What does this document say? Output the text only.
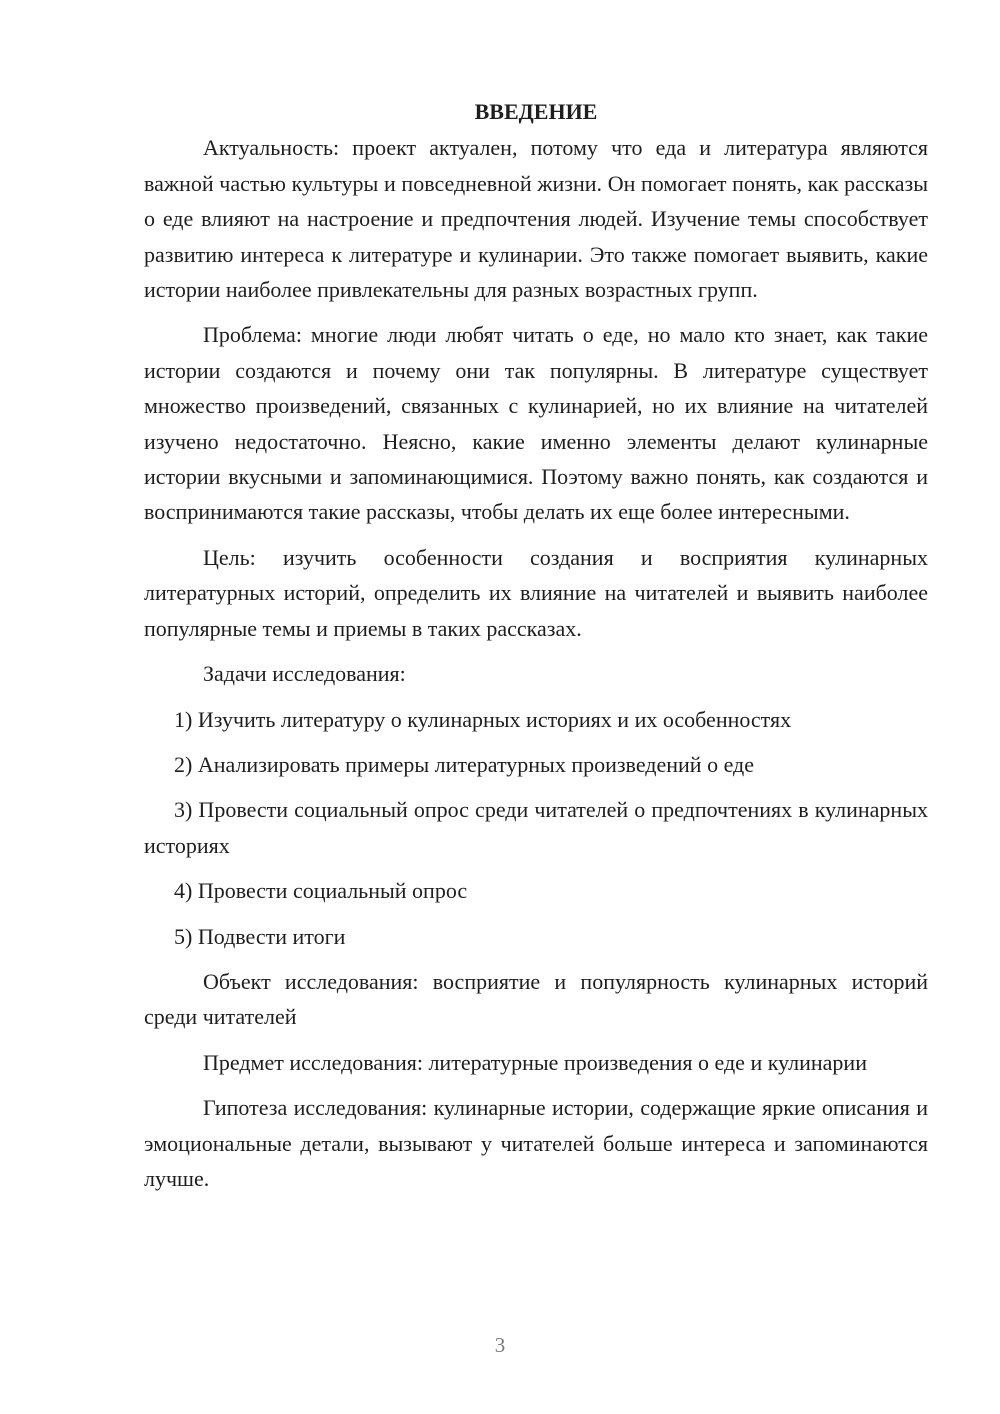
ВВЕДЕНИЕ

Актуальность: проект актуален, потому что еда и литература являются важной частью культуры и повседневной жизни. Он помогает понять, как рассказы о еде влияют на настроение и предпочтения людей. Изучение темы способствует развитию интереса к литературе и кулинарии. Это также помогает выявить, какие истории наиболее привлекательны для разных возрастных групп.

Проблема: многие люди любят читать о еде, но мало кто знает, как такие истории создаются и почему они так популярны. В литературе существует множество произведений, связанных с кулинарией, но их влияние на читателей изучено недостаточно. Неясно, какие именно элементы делают кулинарные истории вкусными и запоминающимися. Поэтому важно понять, как создаются и воспринимаются такие рассказы, чтобы делать их еще более интересными.

Цель: изучить особенности создания и восприятия кулинарных литературных историй, определить их влияние на читателей и выявить наиболее популярные темы и приемы в таких рассказах.

Задачи исследования:

1) Изучить литературу о кулинарных историях и их особенностях

2) Анализировать примеры литературных произведений о еде

3) Провести социальный опрос среди читателей о предпочтениях в кулинарных историях

4) Провести социальный опрос

5) Подвести итоги

Объект исследования: восприятие и популярность кулинарных историй среди читателей

Предмет исследования: литературные произведения о еде и кулинарии

Гипотеза исследования: кулинарные истории, содержащие яркие описания и эмоциональные детали, вызывают у читателей больше интереса и запоминаются лучше.

3
